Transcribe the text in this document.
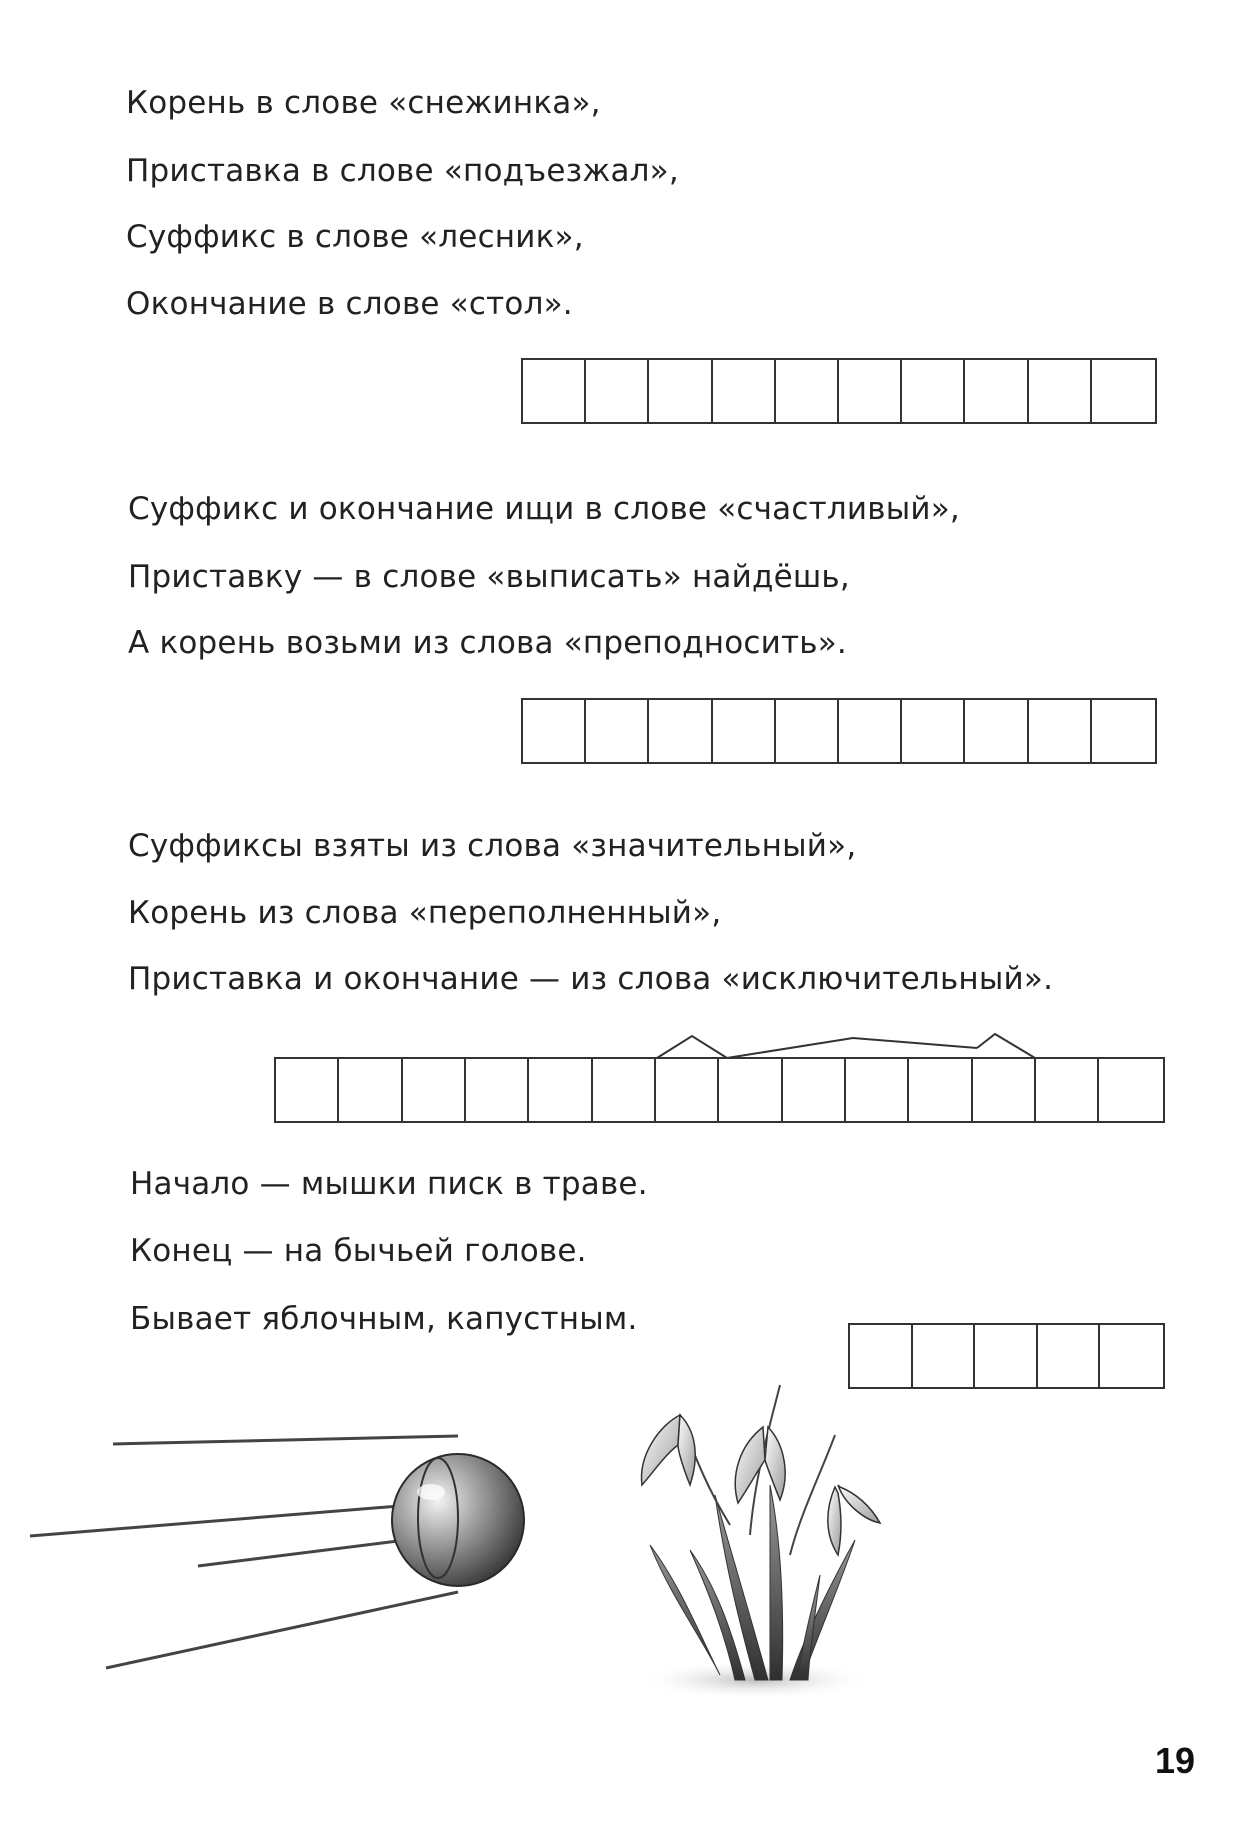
Корень в слове «снежинка»,
Приставка в слове «подъезжал»,
Суффикс в слове «лесник»,
Окончание в слове «стол».
Суффикс и окончание ищи в слове «счастливый»,
Приставку — в слове «выписать» найдёшь,
А корень возьми из слова «преподносить».
Суффиксы взяты из слова «значительный»,
Корень из слова «переполненный»,
Приставка и окончание — из слова «исключительный».
Начало — мышки писк в траве.
Конец — на бычьей голове.
Бывает яблочным, капустным.
19
